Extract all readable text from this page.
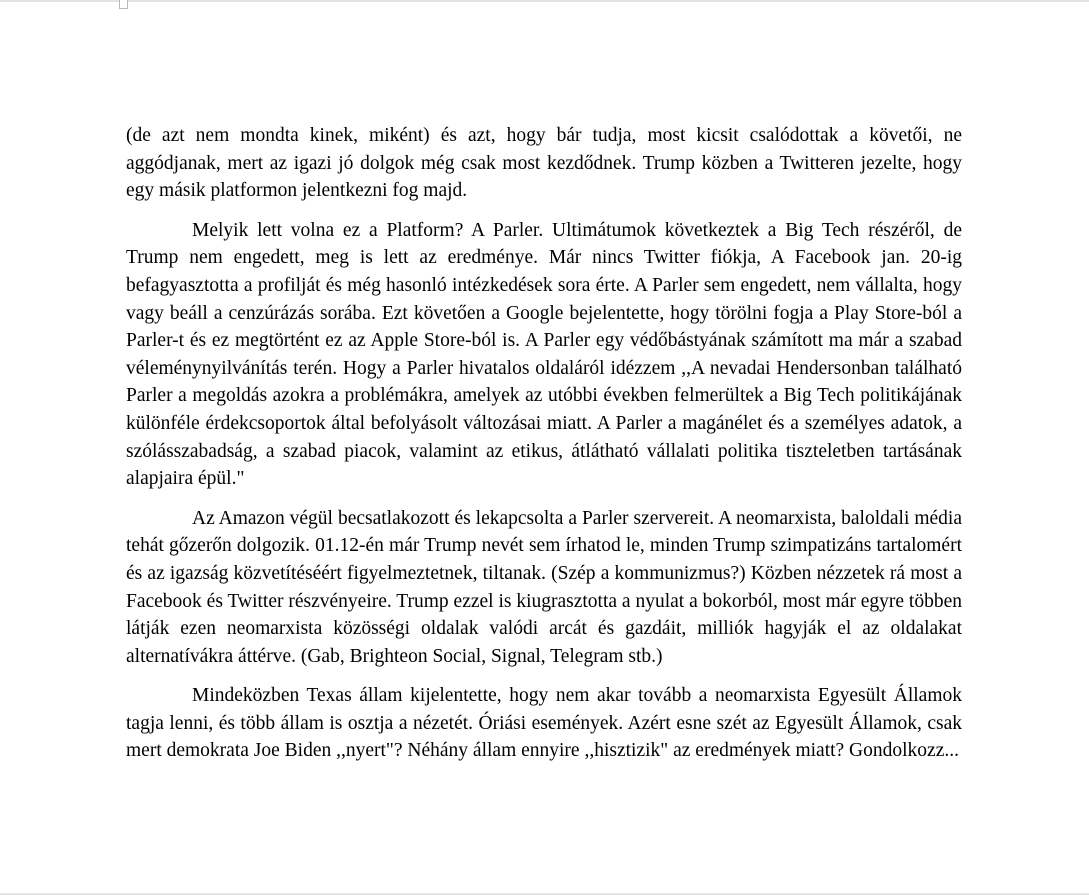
(de azt nem mondta kinek, miként) és azt, hogy bár tudja, most kicsit csalódottak a követői, ne aggódjanak, mert az igazi jó dolgok még csak most kezdődnek. Trump közben a Twitteren jezelte, hogy egy másik platformon jelentkezni fog majd.

Melyik lett volna ez a Platform? A Parler. Ultimátumok következtek a Big Tech részéről, de Trump nem engedett, meg is lett az eredménye. Már nincs Twitter fiókja, A Facebook jan. 20-ig befagyasztotta a profilját és még hasonló intézkedések sora érte. A Parler sem engedett, nem vállalta, hogy vagy beáll a cenzúrázás sorába. Ezt követően a Google bejelentette, hogy törölni fogja a Play Store-ból a Parler-t és ez megtörtént ez az Apple Store-ból is. A Parler egy védőbástyának számított ma már a szabad véleménynyilvánítás terén. Hogy a Parler hivatalos oldaláról idézzem ,,A nevadai Hendersonban található Parler a megoldás azokra a problémákra, amelyek az utóbbi években felmerültek a Big Tech politikájának különféle érdekcsoportok által befolyásolt változásai miatt. A Parler a magánélet és a személyes adatok, a szólásszabadság, a szabad piacok, valamint az etikus, átlátható vállalati politika tiszteletben tartásának alapjaira épül."

Az Amazon végül becsatlakozott és lekapcsolta a Parler szervereit. A neomarxista, baloldali média tehát gőzerőn dolgozik. 01.12-én már Trump nevét sem írhatod le, minden Trump szimpatizáns tartalomért és az igazság közvetítéséért figyelmeztetnek, tiltanak. (Szép a kommunizmus?) Közben nézzetek rá most a Facebook és Twitter részvényeire. Trump ezzel is kiugrasztotta a nyulat a bokorból, most már egyre többen látják ezen neomarxista közösségi oldalak valódi arcát és gazdáit, milliók hagyják el az oldalakat alternatívákra áttérve. (Gab, Brighteon Social, Signal, Telegram stb.)

Mindeközben Texas állam kijelentette, hogy nem akar tovább a neomarxista Egyesült Államok tagja lenni, és több állam is osztja a nézetét. Óriási események. Azért esne szét az Egyesült Államok, csak mert demokrata Joe Biden ,,nyert"? Néhány állam ennyire ,,hisztizik" az eredmények miatt? Gondolkozz...
